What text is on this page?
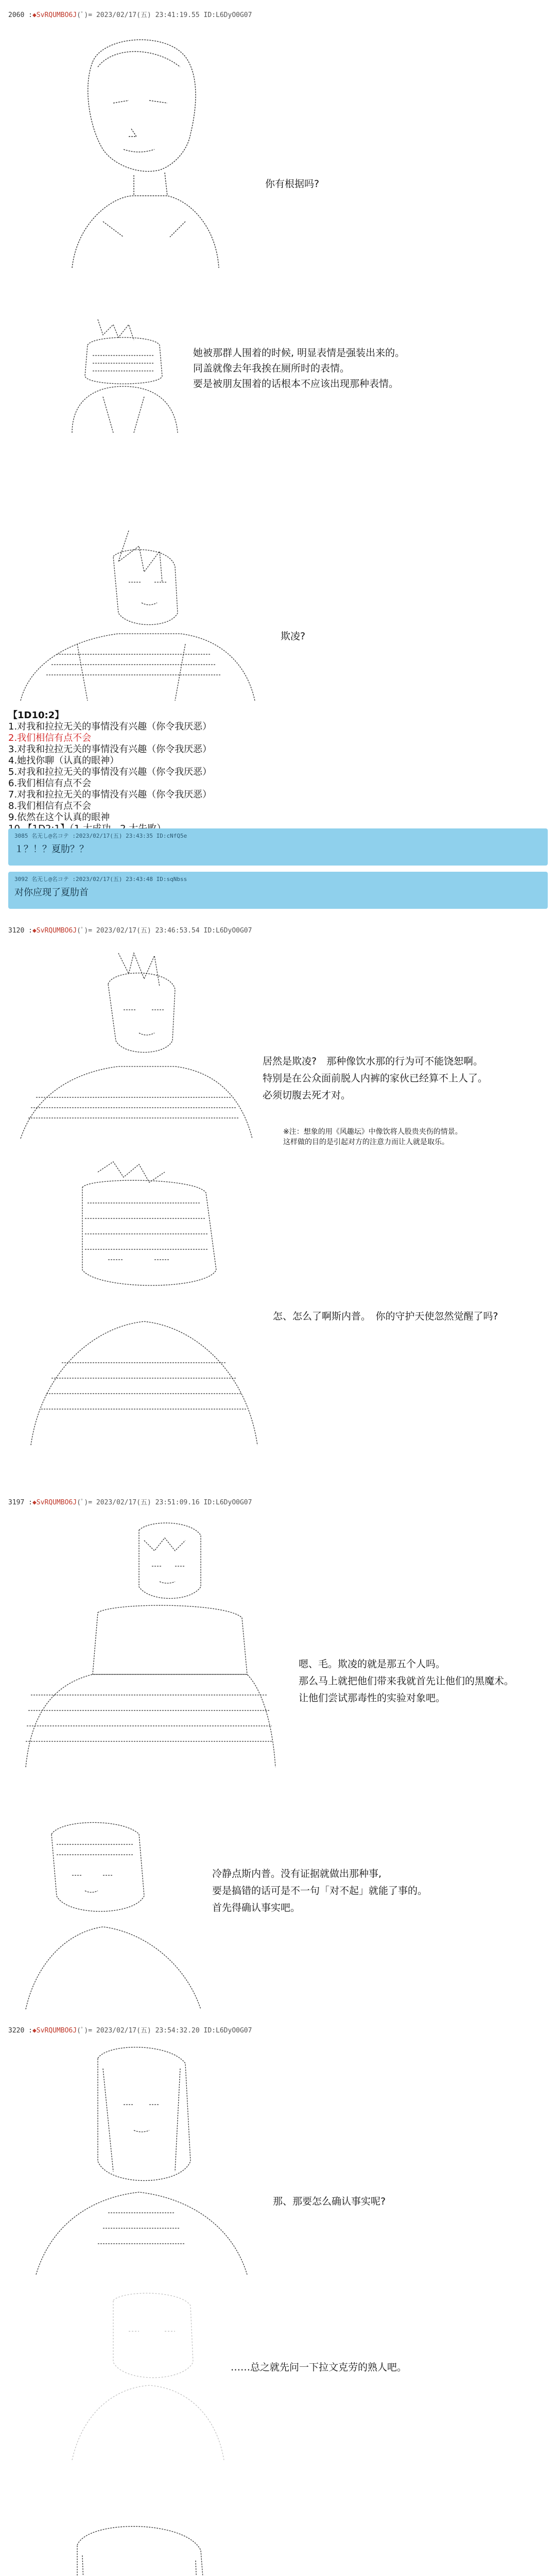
2060 :◆SvRQUMBO6J(ﾟ)= 2023/02/17(五) 23:41:19.55 ID:L6DyO0G07
你有根据吗?
她被那群人围着的时候, 明显表情是强装出来的。
同盖就像去年我挨在厕所时的表情。
要是被朋友围着的话根本不应该出现那种表情。
欺凌?
【1D10:2】
1.对我和拉拉无关的事情没有兴趣（你令我厌恶）
2.我们相信有点不会
3.对我和拉拉无关的事情没有兴趣（你令我厌恶）
4.她找你聊（认真的眼神）
5.对我和拉拉无关的事情没有兴趣（你令我厌恶）
6.我们相信有点不会
7.对我和拉拉无关的事情没有兴趣（你令我厌恶）
8.我们相信有点不会
9.依然在这个认真的眼神
3085 名无し@名コテ :2023/02/17(五) 23:43:35 ID:cNfQ5e
１？！？夏肋？？
3092 名无し@名コテ :2023/02/17(五) 23:43:48 ID:sqNbss
对你应现了夏肋首
3120 :◆SvRQUMBO6J(ﾟ)= 2023/02/17(五) 23:46:53.54 ID:L6DyO0G07
居然是欺凌?　那种像饮水那的行为可不能饶恕啊。
特别是在公众面前脱人内裤的家伙已经算不上人了。
必须切腹去死才对。
※注：想象的用《风趣坛》中像饮将人股贵夹伤的情景。
这样做的目的是引起对方的注意力而让人就是取乐。
怎、怎么了啊斯内普。　你的守护天使忽然觉醒了吗?
3197 :◆SvRQUMBO6J(ﾟ)= 2023/02/17(五) 23:51:09.16 ID:L6DyO0G07
嗯、毛。欺凌的就是那五个人吗。
那么马上就把他们带来我就首先让他们的黑魔术。
让他们尝试那毒性的实验对象吧。
冷静点斯内普。没有证据就做出那种事,
要是搞错的话可是不一句「对不起」就能了事的。
首先得确认事实吧。
3220 :◆SvRQUMBO6J(ﾟ)= 2023/02/17(五) 23:54:32.20 ID:L6DyO0G07
那、那要怎么确认事实呢?
……总之就先问一下拉文克劳的熟人吧。
